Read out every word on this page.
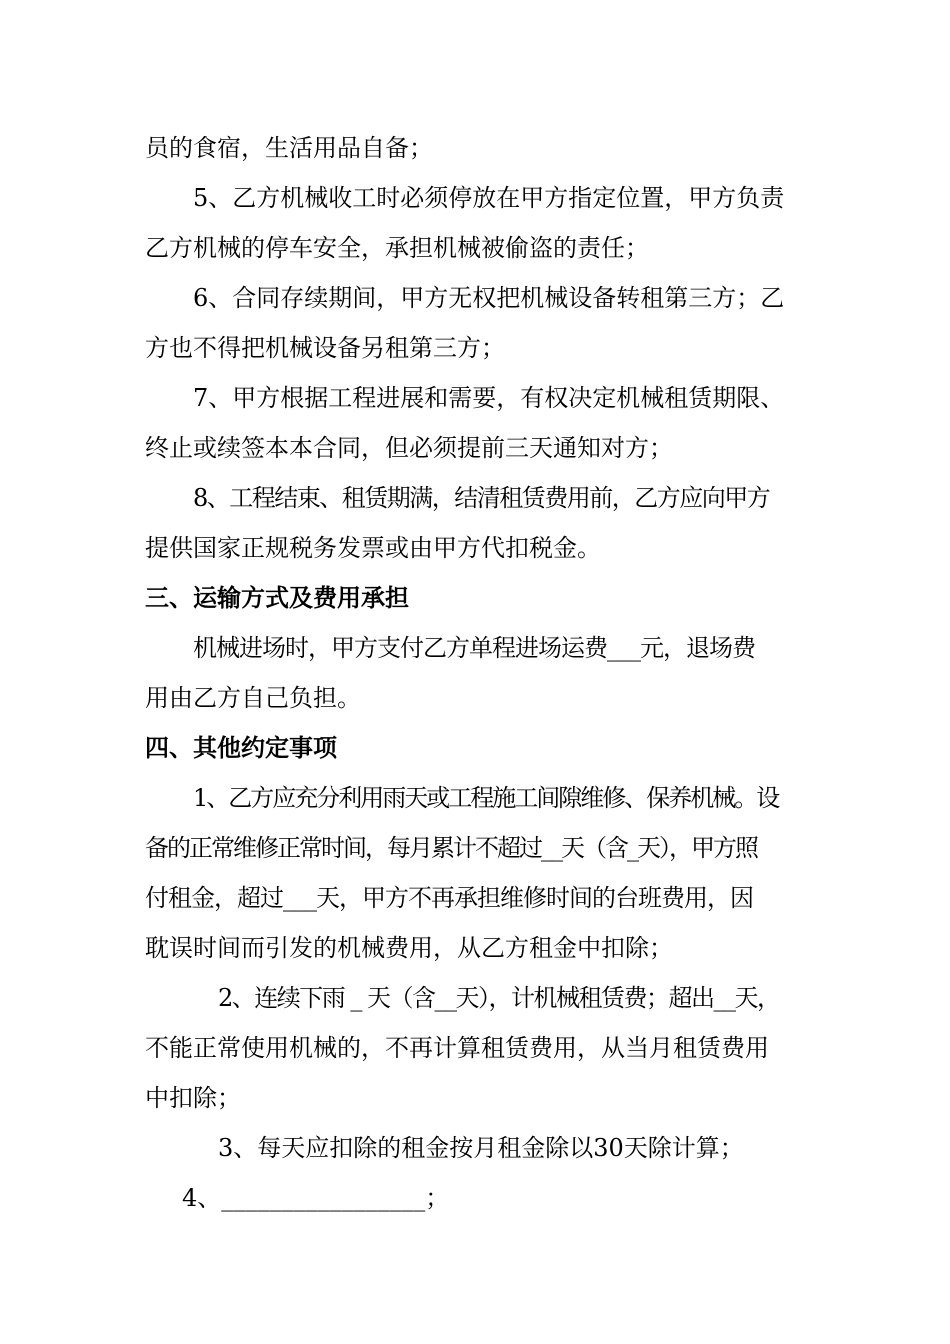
员的食宿，生活用品自备；
5、乙方机械收工时必须停放在甲方指定位置，甲方负责
乙方机械的停车安全，承担机械被偷盗的责任；
6、合同存续期间，甲方无权把机械设备转租第三方；乙
方也不得把机械设备另租第三方；
7、甲方根据工程进展和需要，有权决定机械租赁期限、
终止或续签本本合同，但必须提前三天通知对方；
8、工程结束、租赁期满，结清租赁费用前，乙方应向甲方
提供国家正规税务发票或由甲方代扣税金。
三、运输方式及费用承担
机械进场时，甲方支付乙方单程进场运费___元，退场费
用由乙方自己负担。
四、其他约定事项
1、乙方应充分利用雨天或工程施工间隙维修、保养机械。设
备的正常维修正常时间，每月累计不超过__天（含_天），甲方照
付租金，超过___天，甲方不再承担维修时间的台班费用，因
耽误时间而引发的机械费用，从乙方租金中扣除；
2、连续下雨 _ 天（含__天），计机械租赁费；超出__天，
不能正常使用机械的，不再计算租赁费用，从当月租赁费用
中扣除；
3、每天应扣除的租金按月租金除以30天除计算；
4、_________________；
